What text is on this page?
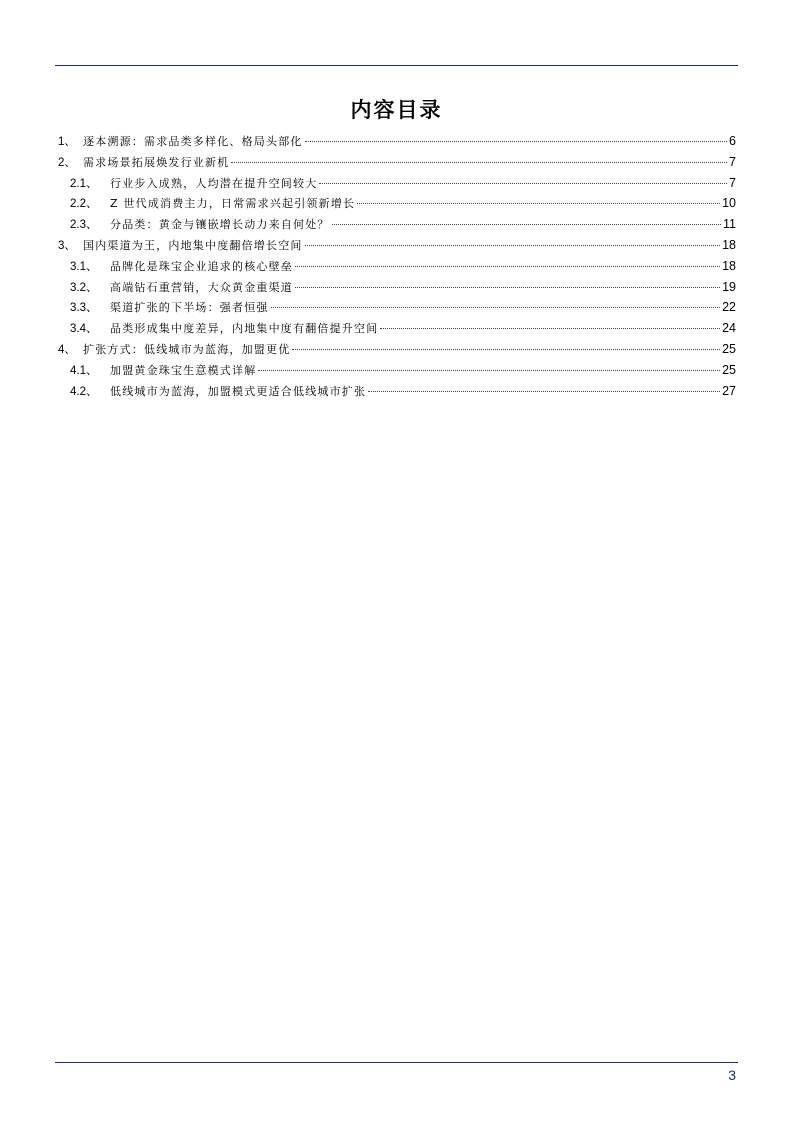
内容目录
1、 逐本溯源：需求品类多样化、格局头部化	6
2、 需求场景拓展焕发行业新机	7
2.1、	行业步入成熟，人均潜在提升空间较大	7
2.2、	Z 世代成消费主力，日常需求兴起引领新增长	10
2.3、	分品类：黄金与镶嵌增长动力来自何处？	11
3、 国内渠道为王，内地集中度翻倍增长空间	18
3.1、	品牌化是珠宝企业追求的核心壁垒	18
3.2、	高端钻石重营销，大众黄金重渠道	19
3.3、	渠道扩张的下半场：强者恒强	22
3.4、	品类形成集中度差异，内地集中度有翻倍提升空间	24
4、 扩张方式：低线城市为蓝海，加盟更优	25
4.1、	加盟黄金珠宝生意模式详解	25
4.2、	低线城市为蓝海，加盟模式更适合低线城市扩张	27
3
